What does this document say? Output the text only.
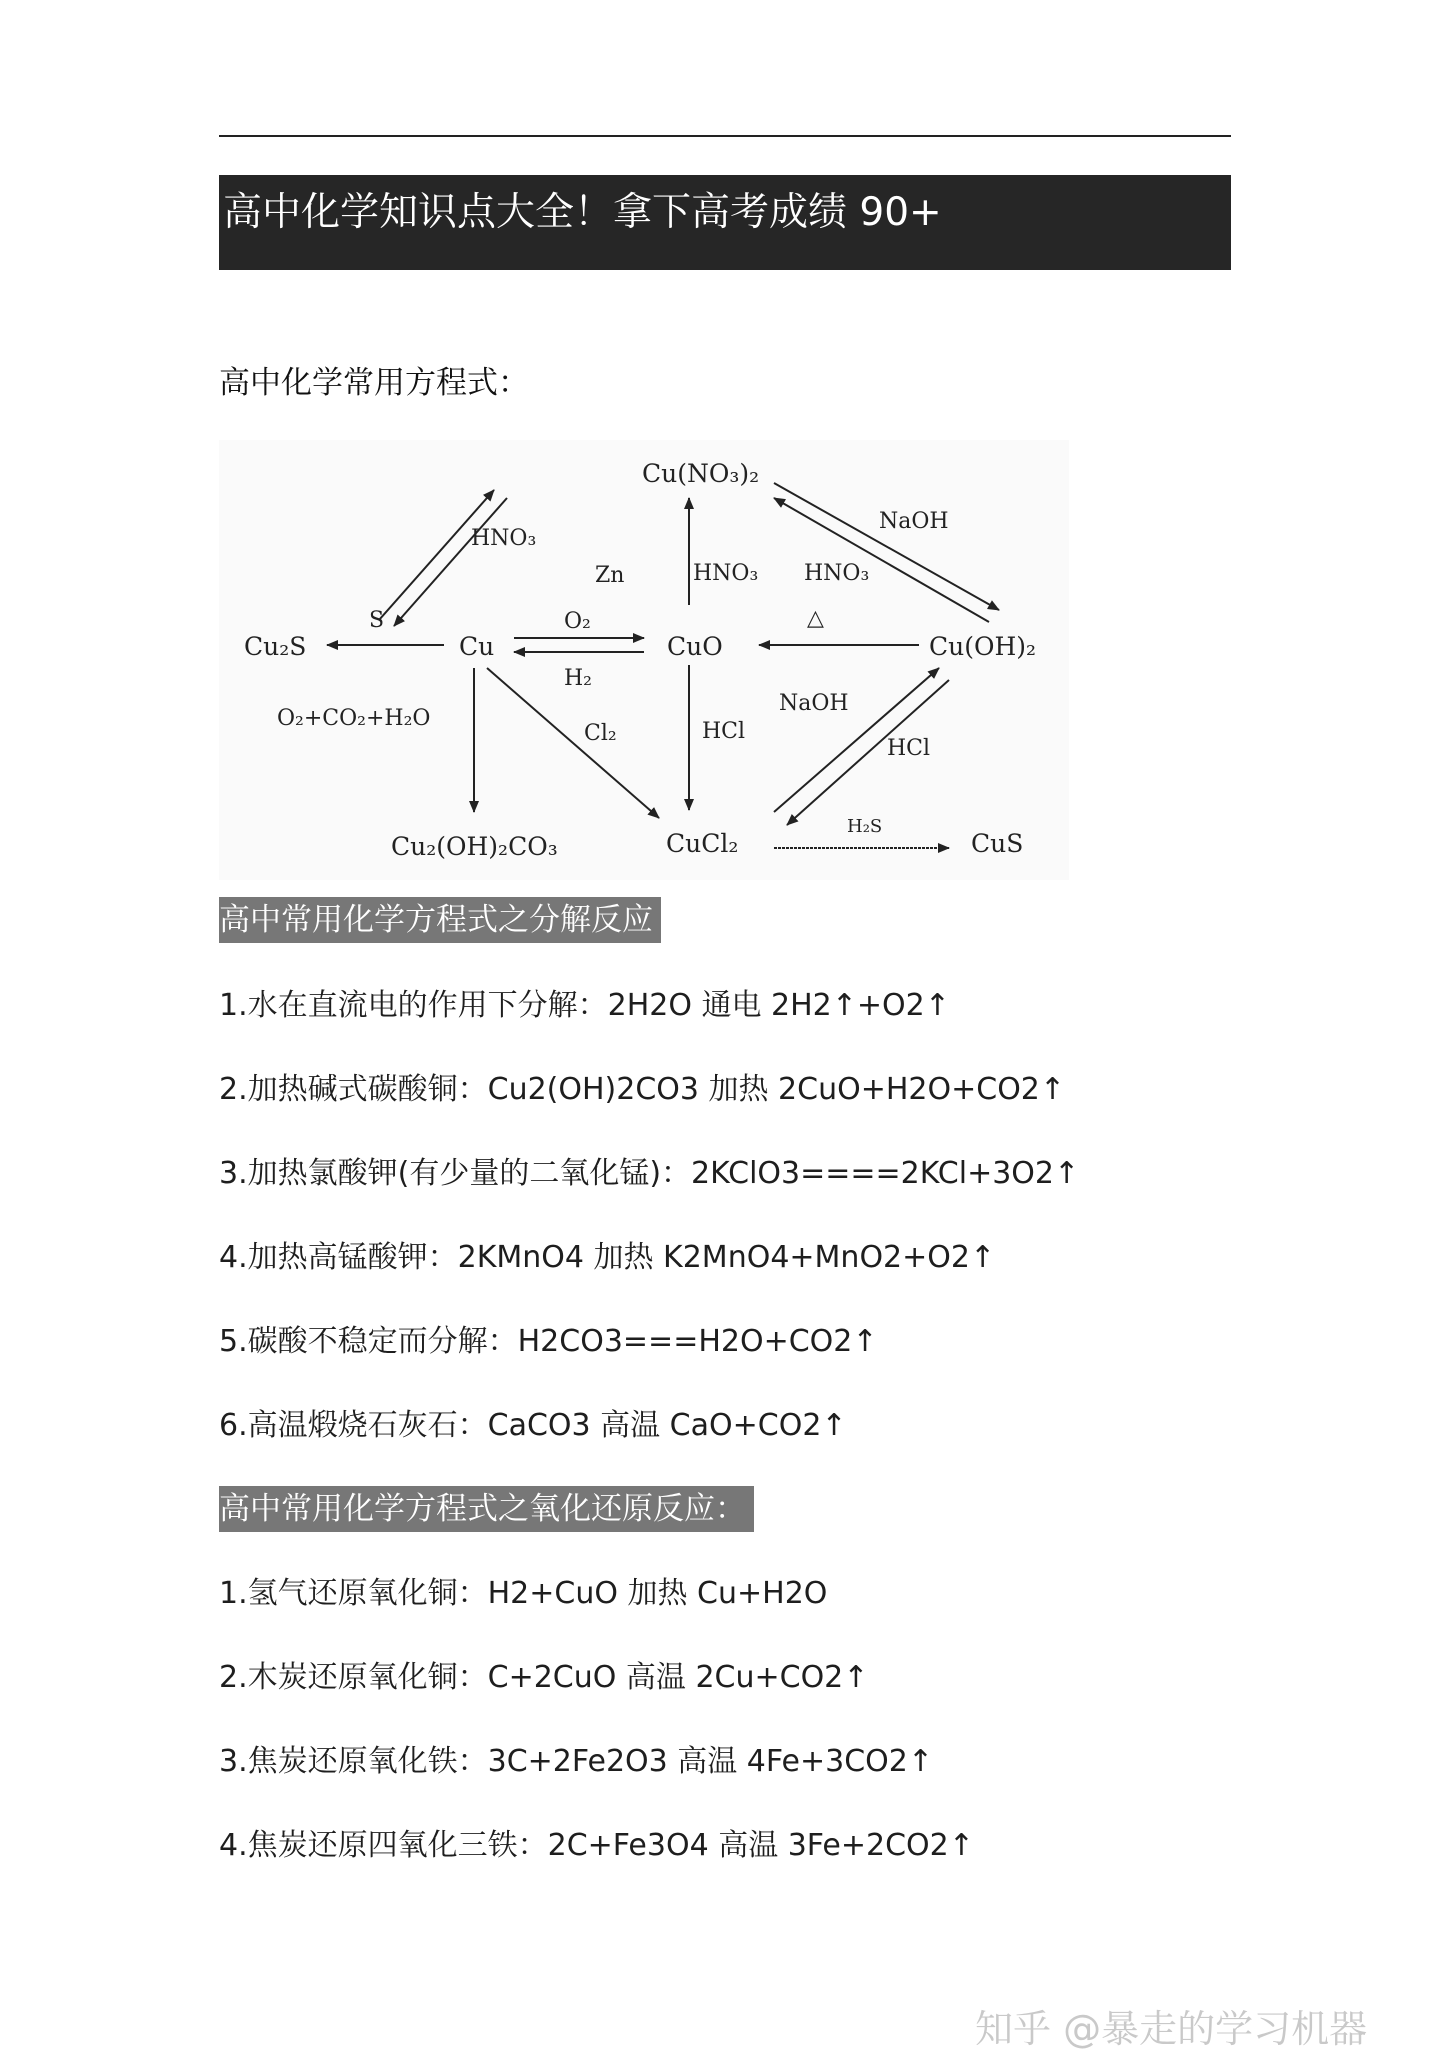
高中化学知识点大全！拿下高考成绩 90+
高中化学常用方程式：
Cu(NO₃)₂
Cu₂S	Cu	CuO	Cu(OH)₂
Cu₂(OH)₂CO₃	CuCl₂	CuS
HNO₃
Zn	HNO₃ HNO₃
NaOH
S	O₂
H₂
△
O₂+CO₂+H₂O
Cl₂	HCl
NaOH
HCl
H₂S
高中常用化学方程式之分解反应
1.水在直流电的作用下分解：2H2O 通电 2H2↑+O2↑
2.加热碱式碳酸铜：Cu2(OH)2CO3 加热 2CuO+H2O+CO2↑
3.加热氯酸钾(有少量的二氧化锰)：2KClO3====2KCl+3O2↑
4.加热高锰酸钾：2KMnO4 加热 K2MnO4+MnO2+O2↑
5.碳酸不稳定而分解：H2CO3===H2O+CO2↑
6.高温煅烧石灰石：CaCO3 高温 CaO+CO2↑
高中常用化学方程式之氧化还原反应：
1.氢气还原氧化铜：H2+CuO 加热 Cu+H2O
2.木炭还原氧化铜：C+2CuO 高温 2Cu+CO2↑
3.焦炭还原氧化铁：3C+2Fe2O3 高温 4Fe+3CO2↑
4.焦炭还原四氧化三铁：2C+Fe3O4 高温 3Fe+2CO2↑
知乎 @暴走的学习机器
